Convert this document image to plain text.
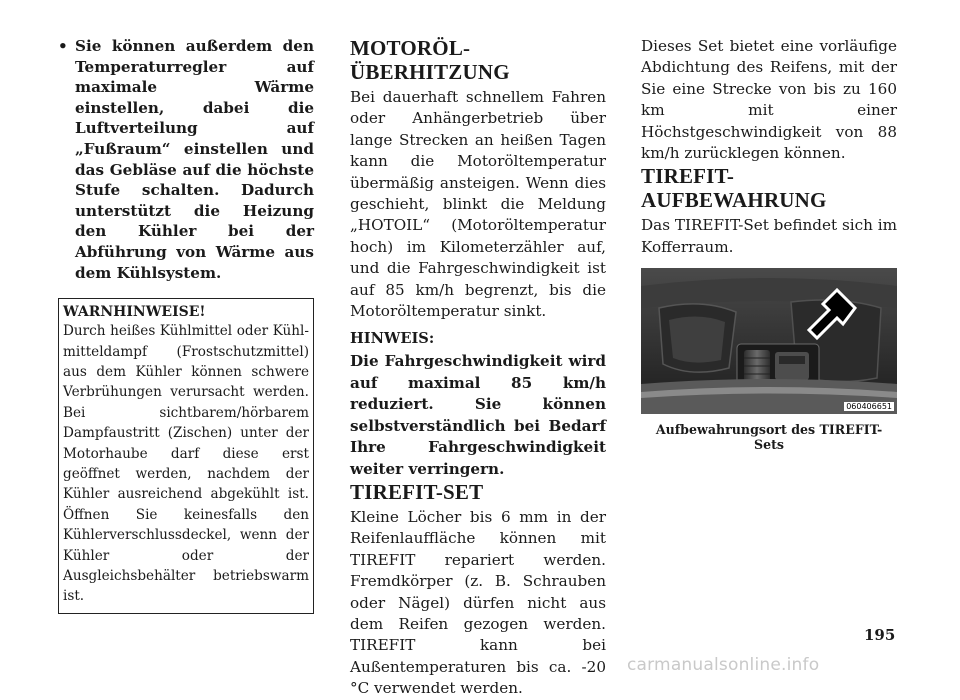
• Sie können außerdem den Temperaturregler auf maximale Wärme einstellen, dabei die Luftverteilung auf „Fußraum“ einstellen und das Gebläse auf die höchste Stufe schalten. Dadurch unterstützt die Heizung den Kühler bei der Abführung von Wärme aus dem Kühlsystem.

WARNHINWEISE!
Durch heißes Kühlmittel oder Kühlmitteldampf (Frostschutzmittel) aus dem Kühler können schwere Verbrühungen verursacht werden. Bei sichtbarem/hörbarem Dampfaustritt (Zischen) unter der Motorhaube darf diese erst geöffnet werden, nachdem der Kühler ausreichend abgekühlt ist. Öffnen Sie keinesfalls den Kühlerverschlussdeckel, wenn der Kühler oder der Ausgleichsbehälter betriebswarm ist.
MOTORÖL-ÜBERHITZUNG

Bei dauerhaft schnellem Fahren oder Anhängerbetrieb über lange Strecken an heißen Tagen kann die Motoröltemperatur übermäßig ansteigen. Wenn dies geschieht, blinkt die Meldung „HOTOIL“ (Motoröltemperatur hoch) im Kilometerzähler auf, und die Fahrgeschwindigkeit ist auf 85 km/h begrenzt, bis die Motoröltemperatur sinkt.

HINWEIS:

Die Fahrgeschwindigkeit wird auf maximal 85 km/h reduziert. Sie können selbstverständlich bei Bedarf Ihre Fahrgeschwindigkeit weiter verringern.

TIREFIT-SET

Kleine Löcher bis 6 mm in der Reifenlauffläche können mit TIREFIT repariert werden. Fremdkörper (z. B. Schrauben oder Nägel) dürfen nicht aus dem Reifen gezogen werden. TIREFIT kann bei Außentemperaturen bis ca. -20 °C verwendet werden.

Dieses Set bietet eine vorläufige Abdichtung des Reifens, mit der Sie eine Strecke von bis zu 160 km mit einer Höchstgeschwindigkeit von 88 km/h zurücklegen können.

TIREFIT-AUFBEWAHRUNG

Das TIREFIT-Set befindet sich im Kofferraum.

060406651
Aufbewahrungsort des TIREFIT-Sets
195
carmanualsonline.info
